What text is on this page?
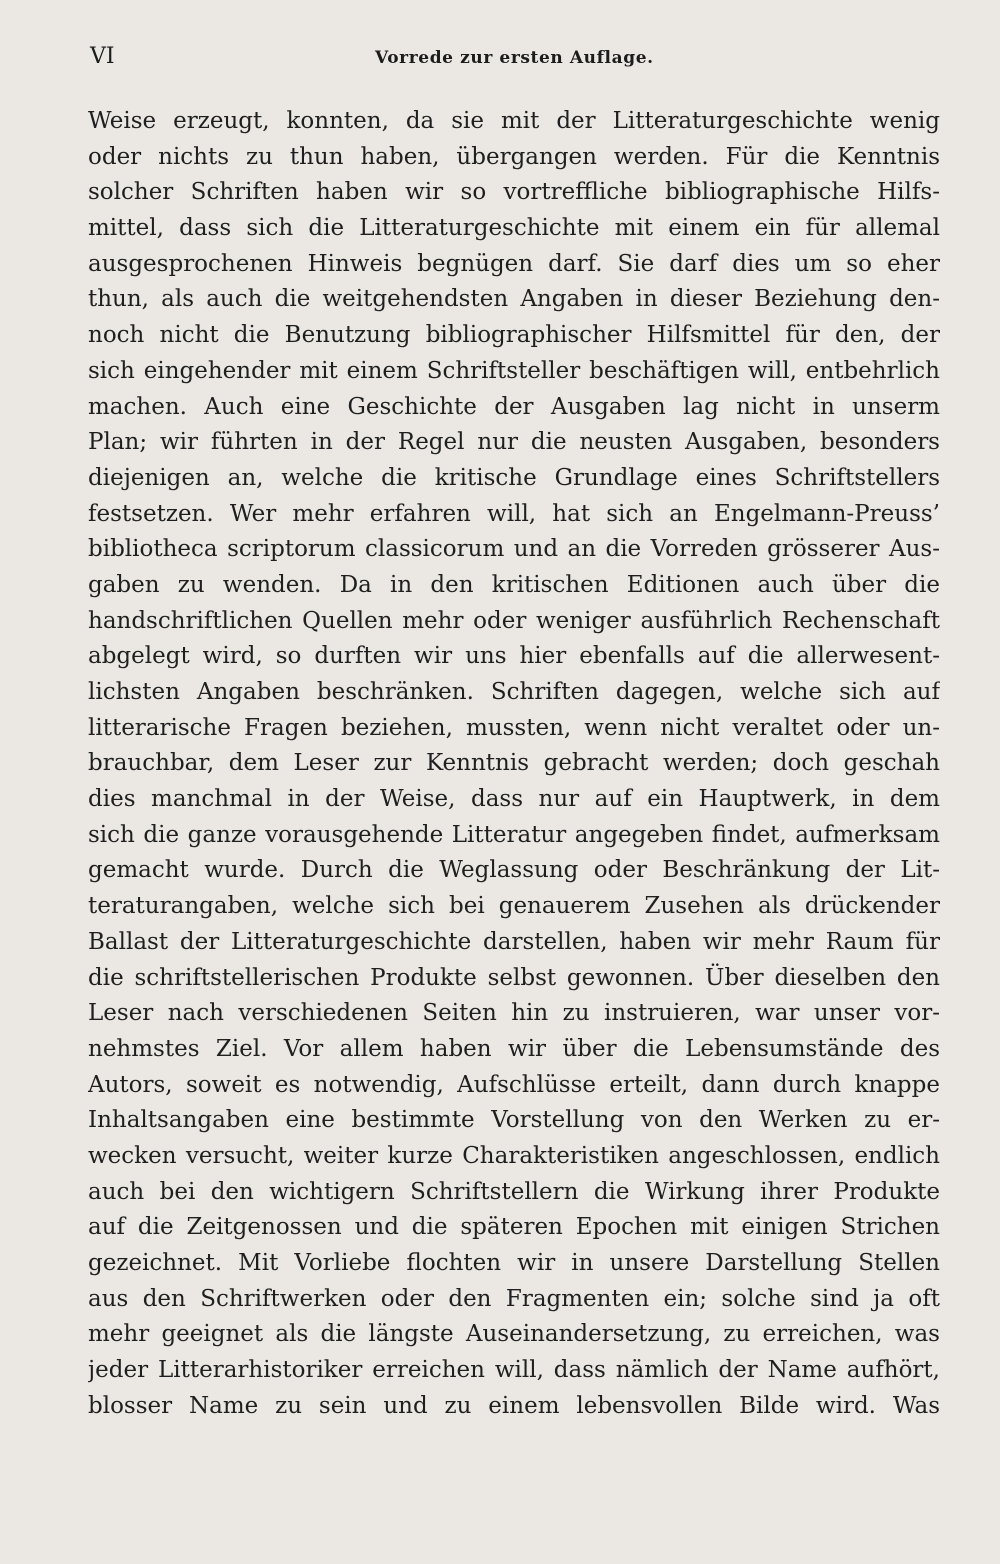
VI	Vorrede zur ersten Auflage.
Weise erzeugt, konnten, da sie mit der Litteraturgeschichte wenig
oder nichts zu thun haben, übergangen werden. Für die Kenntnis
solcher Schriften haben wir so vortreffliche bibliographische Hilfs-
mittel, dass sich die Litteraturgeschichte mit einem ein für allemal
ausgesprochenen Hinweis begnügen darf. Sie darf dies um so eher
thun, als auch die weitgehendsten Angaben in dieser Beziehung den-
noch nicht die Benutzung bibliographischer Hilfsmittel für den, der
sich eingehender mit einem Schriftsteller beschäftigen will, entbehrlich
machen. Auch eine Geschichte der Ausgaben lag nicht in unserm
Plan; wir führten in der Regel nur die neusten Ausgaben, besonders
diejenigen an, welche die kritische Grundlage eines Schriftstellers
festsetzen. Wer mehr erfahren will, hat sich an Engelmann-Preuss’
bibliotheca scriptorum classicorum und an die Vorreden grösserer Aus-
gaben zu wenden. Da in den kritischen Editionen auch über die
handschriftlichen Quellen mehr oder weniger ausführlich Rechenschaft
abgelegt wird, so durften wir uns hier ebenfalls auf die allerwesent-
lichsten Angaben beschränken. Schriften dagegen, welche sich auf
litterarische Fragen beziehen, mussten, wenn nicht veraltet oder un-
brauchbar, dem Leser zur Kenntnis gebracht werden; doch geschah
dies manchmal in der Weise, dass nur auf ein Hauptwerk, in dem
sich die ganze vorausgehende Litteratur angegeben findet, aufmerksam
gemacht wurde. Durch die Weglassung oder Beschränkung der Lit-
teraturangaben, welche sich bei genauerem Zusehen als drückender
Ballast der Litteraturgeschichte darstellen, haben wir mehr Raum für
die schriftstellerischen Produkte selbst gewonnen. Über dieselben den
Leser nach verschiedenen Seiten hin zu instruieren, war unser vor-
nehmstes Ziel. Vor allem haben wir über die Lebensumstände des
Autors, soweit es notwendig, Aufschlüsse erteilt, dann durch knappe
Inhaltsangaben eine bestimmte Vorstellung von den Werken zu er-
wecken versucht, weiter kurze Charakteristiken angeschlossen, endlich
auch bei den wichtigern Schriftstellern die Wirkung ihrer Produkte
auf die Zeitgenossen und die späteren Epochen mit einigen Strichen
gezeichnet. Mit Vorliebe flochten wir in unsere Darstellung Stellen
aus den Schriftwerken oder den Fragmenten ein; solche sind ja oft
mehr geeignet als die längste Auseinandersetzung, zu erreichen, was
jeder Litterarhistoriker erreichen will, dass nämlich der Name aufhört,
blosser Name zu sein und zu einem lebensvollen Bilde wird. Was
